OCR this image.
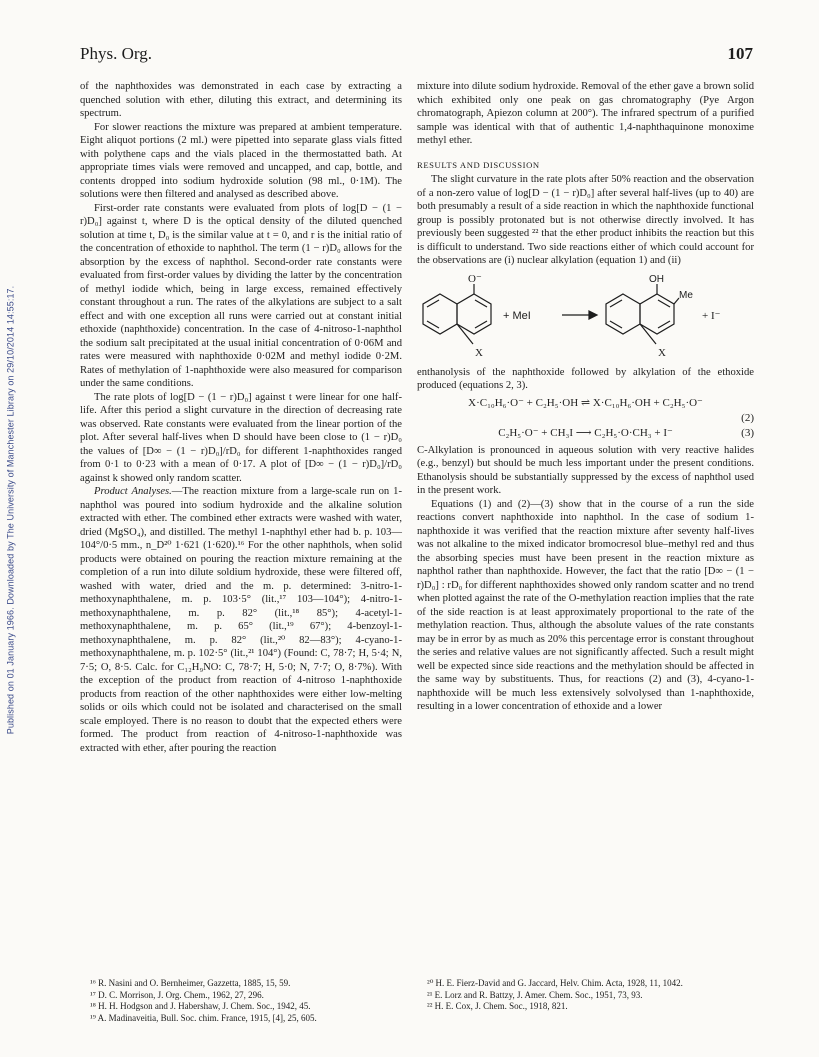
Published on 01 January 1966. Downloaded by The University of Manchester Library on 29/10/2014 14:55:17.
Phys. Org.	107

of the naphthoxides was demonstrated in each case by extracting a quenched solution with ether, diluting this extract, and determining its spectrum.

For slower reactions the mixture was prepared at ambient temperature. Eight aliquot portions (2 ml.) were pipetted into separate glass vials fitted with polythene caps and the vials placed in the thermostatted bath. At appropriate times vials were removed and uncapped, and cap, bottle, and contents dropped into sodium hydroxide solution (98 ml., 0·1M). The solutions were then filtered and analysed as described above.

First-order rate constants were evaluated from plots of log[D − (1 − r)D₀] against t, where D is the optical density of the diluted quenched solution at time t, D₀ is the similar value at t = 0, and r is the initial ratio of the concentration of ethoxide to naphthol. The term (1 − r)D₀ allows for the absorption by the excess of naphthol. Second-order rate constants were evaluated from first-order values by dividing the latter by the concentration of methyl iodide which, being in large excess, remained effectively constant throughout a run. The rates of the alkylations are subject to a salt effect and with one exception all runs were carried out at constant initial ethoxide (naphthoxide) concentration. In the case of 4-nitroso-1-naphthol the sodium salt precipitated at the usual initial concentration of 0·06M and rates were measured with naphthoxide 0·02M and methyl iodide 0·2M. Rates of methylation of 1-naphthoxide were also measured for comparison under the same conditions.

The rate plots of log[D − (1 − r)D₀] against t were linear for one half-life. After this period a slight curvature in the direction of decreasing rate was observed. Rate constants were evaluated from the linear portion of the plot. After several half-lives when D should have been close to (1 − r)D₀ the values of [D∞ − (1 − r)D₀]/rD₀ for different 1-naphthoxides ranged from 0·1 to 0·23 with a mean of 0·17. A plot of [D∞ − (1 − r)D₀]/rD₀ against k showed only random scatter.

Product Analyses.—The reaction mixture from a large-scale run on 1-naphthol was poured into sodium hydroxide and the alkaline solution extracted with ether. The combined ether extracts were washed with water, dried (MgSO₄), and distilled. The methyl 1-naphthyl ether had b. p. 103—104°/0·5 mm., n_D²⁰ 1·621 (1·620).¹⁶ For the other naphthols, when solid products were obtained on pouring the reaction mixture remaining at the completion of a run into dilute soldium hydroxide, these were filtered off, washed with water, dried and the m. p. determined: 3-nitro-1-methoxynaphthalene, m. p. 103·5° (lit.,¹⁷ 103—104°); 4-nitro-1-methoxynaphthalene, m. p. 82° (lit.,¹⁸ 85°); 4-acetyl-1-methoxynaphthalene, m. p. 65° (lit.,¹⁹ 67°); 4-benzoyl-1-methoxynaphthalene, m. p. 82° (lit.,²⁰ 82—83°); 4-cyano-1-methoxynaphthalene, m. p. 102·5° (lit.,²¹ 104°) (Found: C, 78·7; H, 5·4; N, 7·5; O, 8·5. Calc. for C₁₂H₉NO: C, 78·7; H, 5·0; N, 7·7; O, 8·7%). With the exception of the product from reaction of 4-nitroso 1-naphthoxide products from reaction of the other naphthoxides were either low-melting solids or oils which could not be isolated and characterised on the small scale employed. There is no reason to doubt that the expected ethers were formed. The product from reaction of 4-nitroso-1-naphthoxide was extracted with ether, after pouring the reaction

mixture into dilute sodium hydroxide. Removal of the ether gave a brown solid which exhibited only one peak on gas chromatography (Pye Argon chromatograph, Apiezon column at 200°). The infrared spectrum of a purified sample was identical with that of authentic 1,4-naphthaquinone monoxime methyl ether.

RESULTS AND DISCUSSION

The slight curvature in the rate plots after 50% reaction and the observation of a non-zero value of log[D − (1 − r)D₀] after several half-lives (up to 40) are both presumably a result of a side reaction in which the naphthoxide functional group is possibly protonated but is not otherwise directly involved. It has previously been suggested ²² that the ether product inhibits the reaction but this is difficult to understand. Two side reactions either of which could account for the observations are (i) nuclear alkylation (equation 1) and (ii)

O⁻
X
+ MeI
OH
Me
+ I⁻
X

enthanolysis of the naphthoxide followed by alkylation of the ethoxide produced (equations 2, 3).

X·C₁₀H₆·O⁻ + C₂H₅·OH ⇌ X·C₁₀H₆·OH + C₂H₅·O⁻
(2)
C₂H₅·O⁻ + CH₃I ⟶ C₂H₅·O·CH₃ + I⁻	(3)

C-Alkylation is pronounced in aqueous solution with very reactive halides (e.g., benzyl) but should be much less important under the present conditions. Ethanolysis should be substantially suppressed by the excess of naphthol used in the present work.

Equations (1) and (2)—(3) show that in the course of a run the side reactions convert naphthoxide into naphthol. In the case of sodium 1-naphthoxide it was verified that the reaction mixture after seventy half-lives was not alkaline to the mixed indicator bromocresol blue–methyl red and thus the absorbing species must have been present in the reaction mixture as naphthol rather than naphthoxide. However, the fact that the ratio [D∞ − (1 − r)D₀] : rD₀ for different naphthoxides showed only random scatter and no trend when plotted against the rate of the O-methylation reaction implies that the rate of the side reaction is at least approximately proportional to the rate of the methylation reaction. Thus, although the absolute values of the rate constants may be in error by as much as 20% this percentage error is constant throughout the series and relative values are not significantly affected. Such a result might well be expected since side reactions and the methylation should be affected in the same way by substituents. Thus, for reactions (2) and (3), 4-cyano-1-naphthoxide will be much less extensively solvolysed than 1-naphthoxide, resulting in a lower concentration of ethoxide and a lower

¹⁶ R. Nasini and O. Bernheimer, Gazzetta, 1885, 15, 59.

¹⁷ D. C. Morrison, J. Org. Chem., 1962, 27, 296.

¹⁸ H. H. Hodgson and J. Habershaw, J. Chem. Soc., 1942, 45.

¹⁹ A. Madinaveitia, Bull. Soc. chim. France, 1915, [4], 25, 605.

²⁰ H. E. Fierz-David and G. Jaccard, Helv. Chim. Acta, 1928, 11, 1042.

²¹ E. Lorz and R. Battzy, J. Amer. Chem. Soc., 1951, 73, 93.

²² H. E. Cox, J. Chem. Soc., 1918, 821.
